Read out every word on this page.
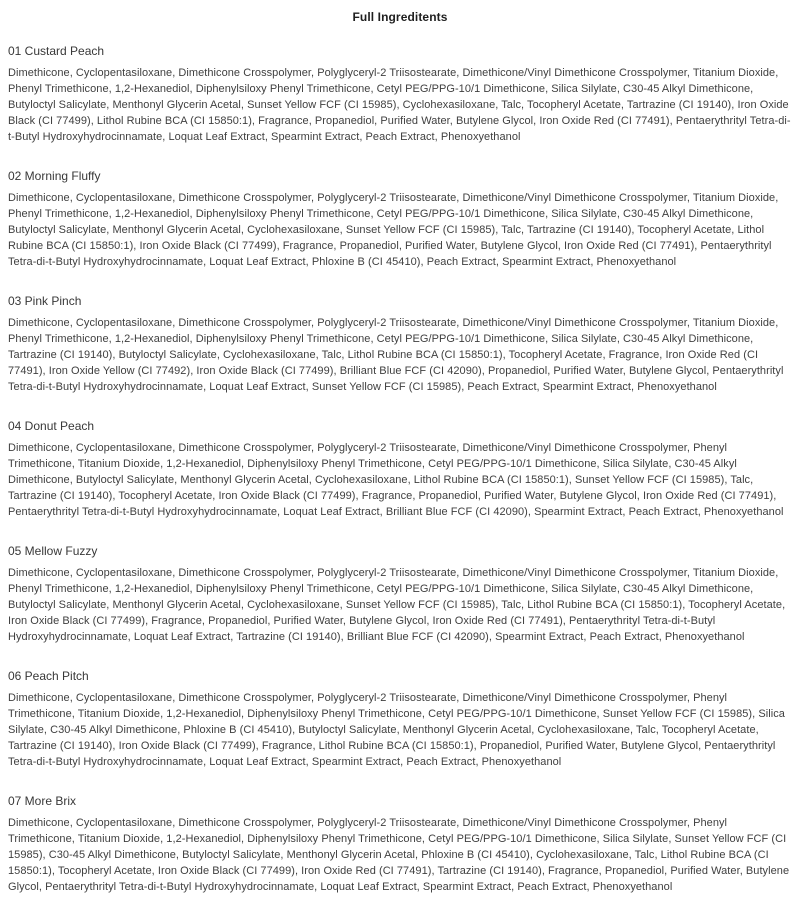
Full Ingreditents
01 Custard Peach

Dimethicone, Cyclopentasiloxane, Dimethicone Crosspolymer, Polyglyceryl-2 Triisostearate, Dimethicone/Vinyl Dimethicone Crosspolymer, Titanium Dioxide, Phenyl Trimethicone, 1,2-Hexanediol, Diphenylsiloxy Phenyl Trimethicone, Cetyl PEG/PPG-10/1 Dimethicone, Silica Silylate, C30-45 Alkyl Dimethicone, Butyloctyl Salicylate, Menthonyl Glycerin Acetal, Sunset Yellow FCF (CI 15985), Cyclohexasiloxane, Talc, Tocopheryl Acetate, Tartrazine (CI 19140), Iron Oxide Black (CI 77499), Lithol Rubine BCA (CI 15850:1), Fragrance, Propanediol, Purified Water, Butylene Glycol, Iron Oxide Red (CI 77491), Pentaerythrityl Tetra-di-t-Butyl Hydroxyhydrocinnamate, Loquat Leaf Extract, Spearmint Extract, Peach Extract, Phenoxyethanol

02 Morning Fluffy

Dimethicone, Cyclopentasiloxane, Dimethicone Crosspolymer, Polyglyceryl-2 Triisostearate, Dimethicone/Vinyl Dimethicone Crosspolymer, Titanium Dioxide, Phenyl Trimethicone, 1,2-Hexanediol, Diphenylsiloxy Phenyl Trimethicone, Cetyl PEG/PPG-10/1 Dimethicone, Silica Silylate, C30-45 Alkyl Dimethicone, Butyloctyl Salicylate, Menthonyl Glycerin Acetal, Cyclohexasiloxane, Sunset Yellow FCF (CI 15985), Talc, Tartrazine (CI 19140), Tocopheryl Acetate, Lithol Rubine BCA (CI 15850:1), Iron Oxide Black (CI 77499), Fragrance, Propanediol, Purified Water, Butylene Glycol, Iron Oxide Red (CI 77491), Pentaerythrityl Tetra-di-t-Butyl Hydroxyhydrocinnamate, Loquat Leaf Extract, Phloxine B (CI 45410), Peach Extract, Spearmint Extract, Phenoxyethanol

03 Pink Pinch

Dimethicone, Cyclopentasiloxane, Dimethicone Crosspolymer, Polyglyceryl-2 Triisostearate, Dimethicone/Vinyl Dimethicone Crosspolymer, Titanium Dioxide, Phenyl Trimethicone, 1,2-Hexanediol, Diphenylsiloxy Phenyl Trimethicone, Cetyl PEG/PPG-10/1 Dimethicone, Silica Silylate, C30-45 Alkyl Dimethicone, Tartrazine (CI 19140), Butyloctyl Salicylate, Cyclohexasiloxane, Talc, Lithol Rubine BCA (CI 15850:1), Tocopheryl Acetate, Fragrance, Iron Oxide Red (CI 77491), Iron Oxide Yellow (CI 77492), Iron Oxide Black (CI 77499), Brilliant Blue FCF (CI 42090), Propanediol, Purified Water, Butylene Glycol, Pentaerythrityl Tetra-di-t-Butyl Hydroxyhydrocinnamate, Loquat Leaf Extract, Sunset Yellow FCF (CI 15985), Peach Extract, Spearmint Extract, Phenoxyethanol

04 Donut Peach

Dimethicone, Cyclopentasiloxane, Dimethicone Crosspolymer, Polyglyceryl-2 Triisostearate, Dimethicone/Vinyl Dimethicone Crosspolymer, Phenyl Trimethicone, Titanium Dioxide, 1,2-Hexanediol, Diphenylsiloxy Phenyl Trimethicone, Cetyl PEG/PPG-10/1 Dimethicone, Silica Silylate, C30-45 Alkyl Dimethicone, Butyloctyl Salicylate, Menthonyl Glycerin Acetal, Cyclohexasiloxane, Lithol Rubine BCA (CI 15850:1), Sunset Yellow FCF (CI 15985), Talc, Tartrazine (CI 19140), Tocopheryl Acetate, Iron Oxide Black (CI 77499), Fragrance, Propanediol, Purified Water, Butylene Glycol, Iron Oxide Red (CI 77491), Pentaerythrityl Tetra-di-t-Butyl Hydroxyhydrocinnamate, Loquat Leaf Extract, Brilliant Blue FCF (CI 42090), Spearmint Extract, Peach Extract, Phenoxyethanol

05 Mellow Fuzzy

Dimethicone, Cyclopentasiloxane, Dimethicone Crosspolymer, Polyglyceryl-2 Triisostearate, Dimethicone/Vinyl Dimethicone Crosspolymer, Titanium Dioxide, Phenyl Trimethicone, 1,2-Hexanediol, Diphenylsiloxy Phenyl Trimethicone, Cetyl PEG/PPG-10/1 Dimethicone, Silica Silylate, C30-45 Alkyl Dimethicone, Butyloctyl Salicylate, Menthonyl Glycerin Acetal, Cyclohexasiloxane, Sunset Yellow FCF (CI 15985), Talc, Lithol Rubine BCA (CI 15850:1), Tocopheryl Acetate, Iron Oxide Black (CI 77499), Fragrance, Propanediol, Purified Water, Butylene Glycol, Iron Oxide Red (CI 77491), Pentaerythrityl Tetra-di-t-Butyl Hydroxyhydrocinnamate, Loquat Leaf Extract, Tartrazine (CI 19140), Brilliant Blue FCF (CI 42090), Spearmint Extract, Peach Extract, Phenoxyethanol

06 Peach Pitch

Dimethicone, Cyclopentasiloxane, Dimethicone Crosspolymer, Polyglyceryl-2 Triisostearate, Dimethicone/Vinyl Dimethicone Crosspolymer, Phenyl Trimethicone, Titanium Dioxide, 1,2-Hexanediol, Diphenylsiloxy Phenyl Trimethicone, Cetyl PEG/PPG-10/1 Dimethicone, Sunset Yellow FCF (CI 15985), Silica Silylate, C30-45 Alkyl Dimethicone, Phloxine B (CI 45410), Butyloctyl Salicylate, Menthonyl Glycerin Acetal, Cyclohexasiloxane, Talc, Tocopheryl Acetate, Tartrazine (CI 19140), Iron Oxide Black (CI 77499), Fragrance, Lithol Rubine BCA (CI 15850:1), Propanediol, Purified Water, Butylene Glycol, Pentaerythrityl Tetra-di-t-Butyl Hydroxyhydrocinnamate, Loquat Leaf Extract, Spearmint Extract, Peach Extract, Phenoxyethanol

07 More Brix

Dimethicone, Cyclopentasiloxane, Dimethicone Crosspolymer, Polyglyceryl-2 Triisostearate, Dimethicone/Vinyl Dimethicone Crosspolymer, Phenyl Trimethicone, Titanium Dioxide, 1,2-Hexanediol, Diphenylsiloxy Phenyl Trimethicone, Cetyl PEG/PPG-10/1 Dimethicone, Silica Silylate, Sunset Yellow FCF (CI 15985), C30-45 Alkyl Dimethicone, Butyloctyl Salicylate, Menthonyl Glycerin Acetal, Phloxine B (CI 45410), Cyclohexasiloxane, Talc, Lithol Rubine BCA (CI 15850:1), Tocopheryl Acetate, Iron Oxide Black (CI 77499), Iron Oxide Red (CI 77491), Tartrazine (CI 19140), Fragrance, Propanediol, Purified Water, Butylene Glycol, Pentaerythrityl Tetra-di-t-Butyl Hydroxyhydrocinnamate, Loquat Leaf Extract, Spearmint Extract, Peach Extract, Phenoxyethanol
